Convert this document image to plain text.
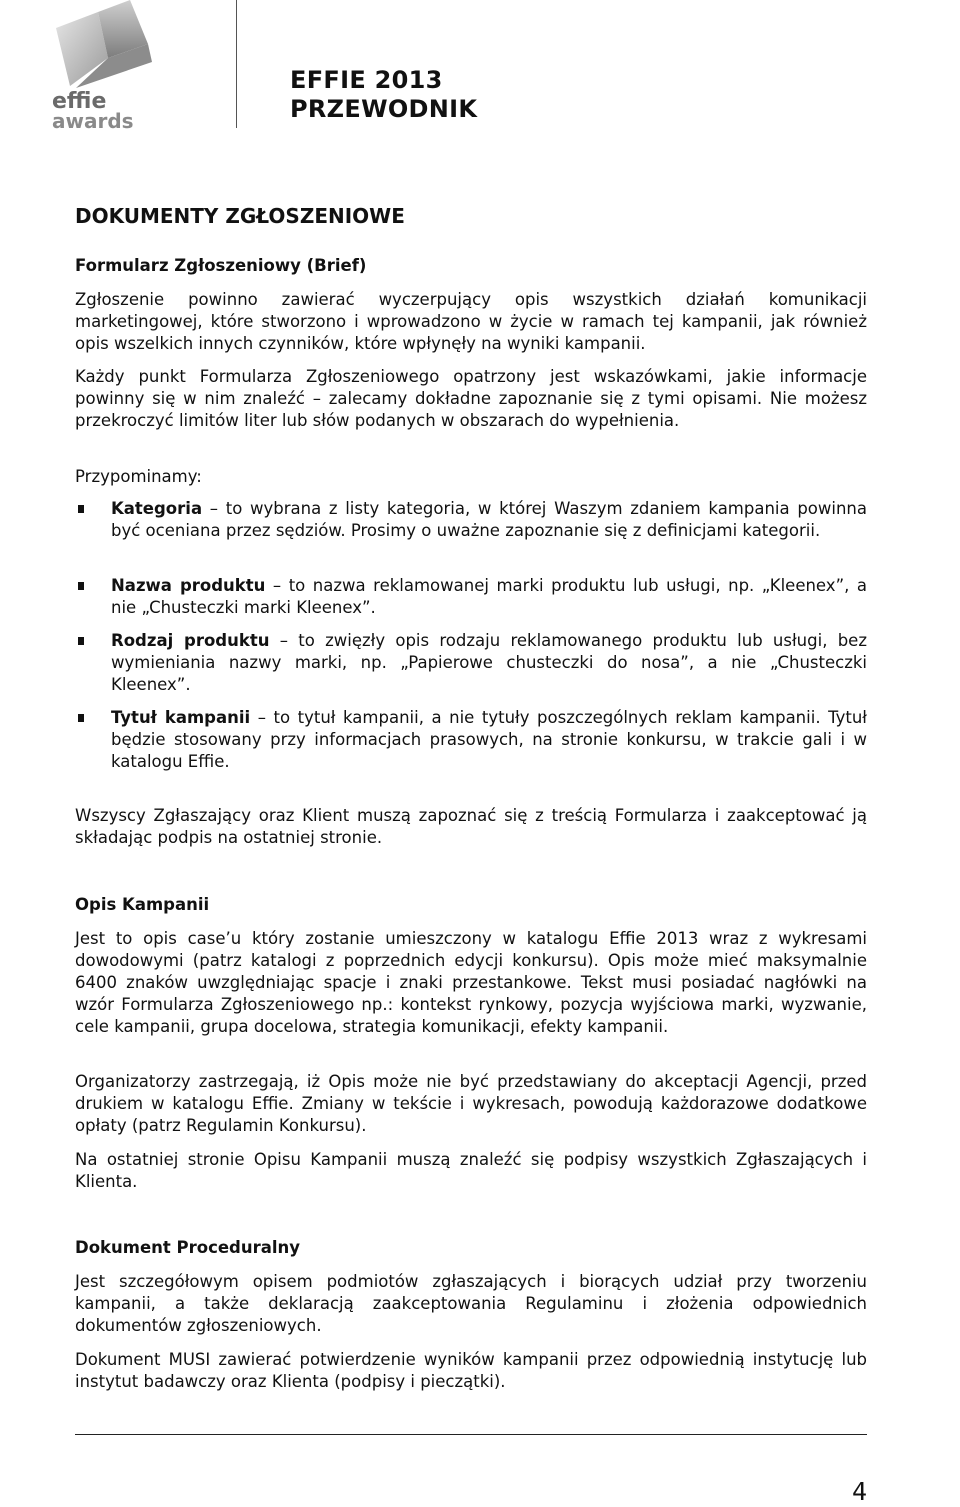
effie
awards
EFFIE 2013
PRZEWODNIK
DOKUMENTY ZGŁOSZENIOWE
Formularz Zgłoszeniowy (Brief)

Zgłoszenie powinno zawierać wyczerpujący opis wszystkich działań komunikacji marketingowej, które stworzono i wprowadzono w życie w ramach tej kampanii, jak również opis wszelkich innych czynników, które wpłynęły na wyniki kampanii.

Każdy punkt Formularza Zgłoszeniowego opatrzony jest wskazówkami, jakie informacje powinny się w nim znaleźć – zalecamy dokładne zapoznanie się z tymi opisami. Nie możesz przekroczyć limitów liter lub słów podanych w obszarach do wypełnienia.

Przypominamy:

Kategoria – to wybrana z listy kategoria, w której Waszym zdaniem kampania powinna być oceniana przez sędziów. Prosimy o uważne zapoznanie się z definicjami kategorii.
Nazwa produktu – to nazwa reklamowanej marki produktu lub usługi, np. „Kleenex”, a nie „Chusteczki marki Kleenex”.
Rodzaj produktu – to zwięzły opis rodzaju reklamowanego produktu lub usługi, bez wymieniania nazwy marki, np. „Papierowe chusteczki do nosa”, a nie „Chusteczki Kleenex”.
Tytuł kampanii – to tytuł kampanii, a nie tytuły poszczególnych reklam kampanii. Tytuł będzie stosowany przy informacjach prasowych, na stronie konkursu, w trakcie gali i w katalogu Effie.

Wszyscy Zgłaszający oraz Klient muszą zapoznać się z treścią Formularza i zaakceptować ją składając podpis na ostatniej stronie.

Opis Kampanii

Jest to opis case’u który zostanie umieszczony w katalogu Effie 2013 wraz z wykresami dowodowymi (patrz katalogi z poprzednich edycji konkursu). Opis może mieć maksymalnie 6400 znaków uwzględniając spacje i znaki przestankowe. Tekst musi posiadać nagłówki na wzór Formularza Zgłoszeniowego np.: kontekst rynkowy, pozycja wyjściowa marki, wyzwanie, cele kampanii, grupa docelowa, strategia komunikacji, efekty kampanii.

Organizatorzy zastrzegają, iż Opis może nie być przedstawiany do akceptacji Agencji, przed drukiem w katalogu Effie. Zmiany w tekście i wykresach, powodują każdorazowe dodatkowe opłaty (patrz Regulamin Konkursu).

Na ostatniej stronie Opisu Kampanii muszą znaleźć się podpisy wszystkich Zgłaszających i Klienta.

Dokument Proceduralny

Jest szczegółowym opisem podmiotów zgłaszających i biorących udział przy tworzeniu kampanii, a także deklaracją zaakceptowania Regulaminu i złożenia odpowiednich dokumentów zgłoszeniowych.

Dokument MUSI zawierać potwierdzenie wyników kampanii przez odpowiednią instytucję lub instytut badawczy oraz Klienta (podpisy i pieczątki).

4
